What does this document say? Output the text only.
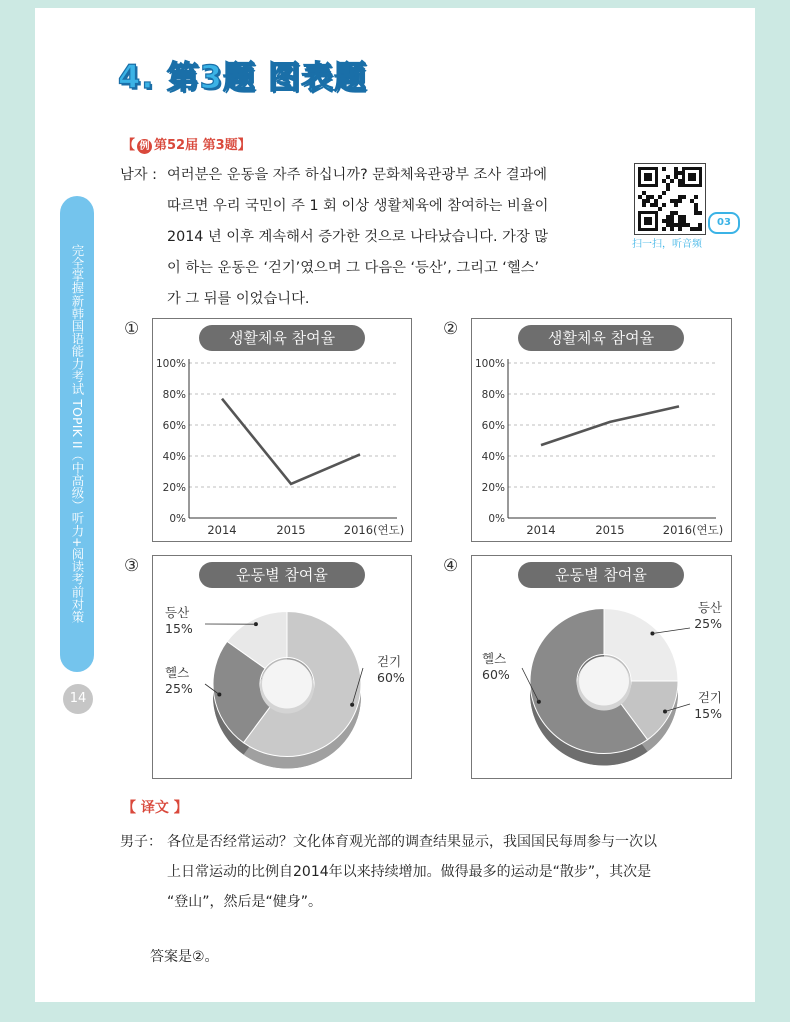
4. 第3题 图表题
完全掌握新韩国语能力考试 TOPIK II（中高级）听力+阅读考前对策
14
【 例 第52届 第3题】
남자 : 여러분은 운동을 자주 하십니까? 문화체육관광부 조사 결과에
따르면 우리 국민이 주 1 회 이상 생활체육에 참여하는 비율이
2014 년 이후 계속해서 증가한 것으로 나타났습니다. 가장 많
이 하는 운동은 ‘걷기’였으며 그 다음은 ‘등산’, 그리고 ‘헬스’
가 그 뒤를 이었습니다.
03
扫一扫，听音频
①	생활체육 참여율
0%
20%
40%
60%
80%
100%
2014	2015	2016(연도)
②	생활체육 참여율
0%
20%
40%
60%
80%
100%
2014	2015	2016(연도)
③	운동별 참여율
걷기
60%
헬스
25%
등산
15%
④	운동별 참여율
등산
25%
걷기
15%
헬스
60%
【 译文 】
男子： 各位是否经常运动？文化体育观光部的调查结果显示，我国国民每周参与一次以
上日常运动的比例自2014年以来持续增加。做得最多的运动是“散步”，其次是
“登山”，然后是“健身”。
答案是②。
